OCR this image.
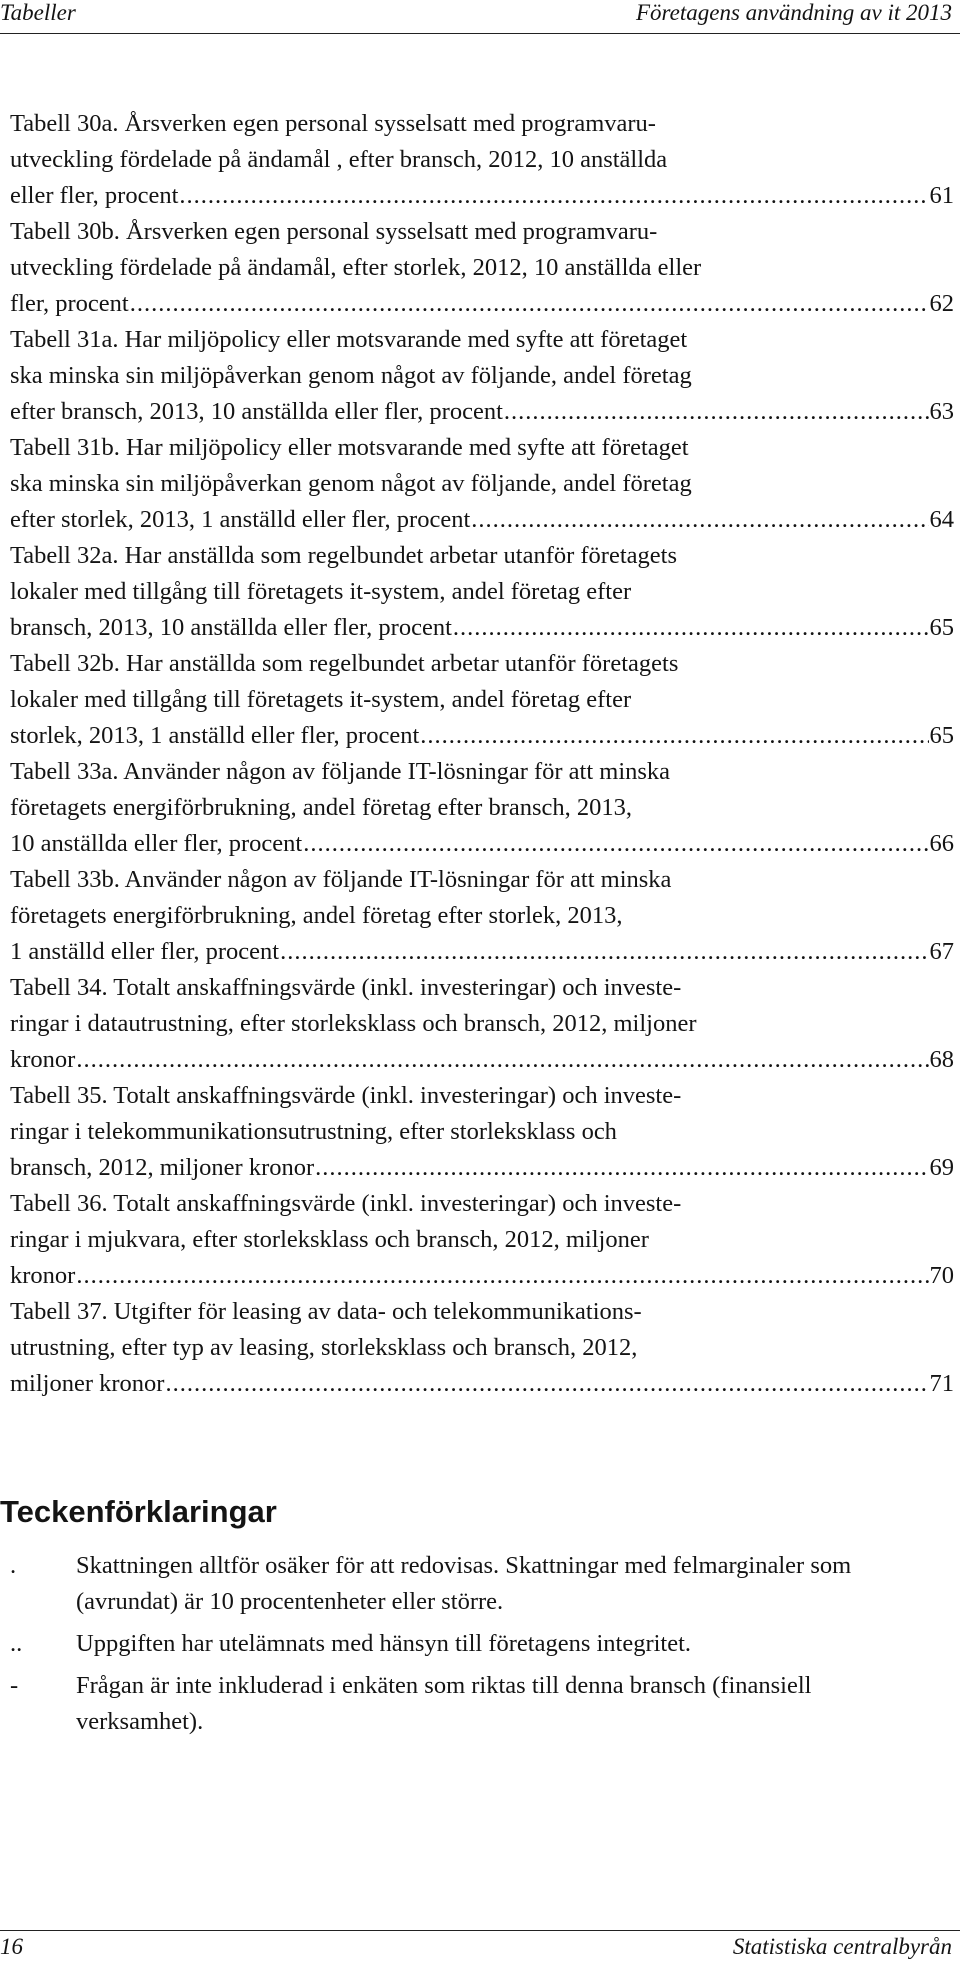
Tabeller	Företagens användning av it 2013
Tabell 30a. Årsverken egen personal sysselsatt med programvaru-
utveckling fördelade på ändamål , efter bransch, 2012, 10 anställda
eller fler, procent .....	61
Tabell 30b. Årsverken egen personal sysselsatt med programvaru-
utveckling fördelade på ändamål, efter storlek, 2012, 10 anställda eller
fler, procent .....	62
Tabell 31a. Har miljöpolicy eller motsvarande med syfte att företaget
ska minska sin miljöpåverkan genom något av följande, andel företag
efter bransch, 2013, 10 anställda eller fler, procent .....	63
Tabell 31b. Har miljöpolicy eller motsvarande med syfte att företaget
ska minska sin miljöpåverkan genom något av följande, andel företag
efter storlek, 2013, 1 anställd eller fler, procent .....	64
Tabell 32a. Har anställda som regelbundet arbetar utanför företagets
lokaler med tillgång till företagets it-system, andel företag efter
bransch, 2013, 10 anställda eller fler, procent .....	65
Tabell 32b. Har anställda som regelbundet arbetar utanför företagets
lokaler med tillgång till företagets it-system, andel företag efter
storlek, 2013, 1 anställd eller fler, procent .....	65
Tabell 33a. Använder någon av följande IT-lösningar för att minska
företagets energiförbrukning, andel företag efter bransch, 2013,
10 anställda eller fler, procent .....	66
Tabell 33b. Använder någon av följande IT-lösningar för att minska
företagets energiförbrukning, andel företag efter storlek, 2013,
1 anställd eller fler, procent .....	67
Tabell 34. Totalt anskaffningsvärde (inkl. investeringar) och investe-
ringar i datautrustning, efter storleksklass och bransch, 2012, miljoner
kronor .....	68
Tabell 35. Totalt anskaffningsvärde (inkl. investeringar) och investe-
ringar i telekommunikationsutrustning, efter storleksklass och
bransch, 2012, miljoner kronor .....	69
Tabell 36. Totalt anskaffningsvärde (inkl. investeringar) och investe-
ringar i mjukvara, efter storleksklass och bransch, 2012, miljoner
kronor .....	70
Tabell 37. Utgifter för leasing av data- och telekommunikations-
utrustning, efter typ av leasing, storleksklass och bransch, 2012,
miljoner kronor .....	71
Teckenförklaringar
.	Skattningen alltför osäker för att redovisas. Skattningar med felmarginaler som (avrundat) är 10 procentenheter eller större.
..	Uppgiften har utelämnats med hänsyn till företagens integritet.
-	Frågan är inte inkluderad i enkäten som riktas till denna bransch (finansiell verksamhet).
16	Statistiska centralbyrån
